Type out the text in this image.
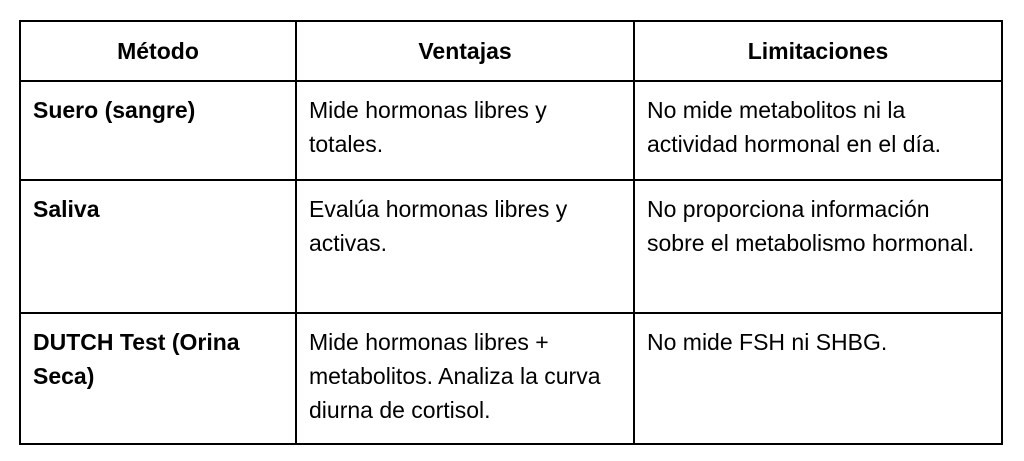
Método	Ventajas	Limitaciones

Suero (sangre)	Mide hormonas libres y totales.	No mide metabolitos ni la actividad hormonal en el día.

Saliva	Evalúa hormonas libres y activas.	No proporciona información sobre el metabolismo hormonal.

DUTCH Test (Orina Seca)	Mide hormonas libres + metabolitos. Analiza la curva diurna de cortisol.	No mide FSH ni SHBG.
